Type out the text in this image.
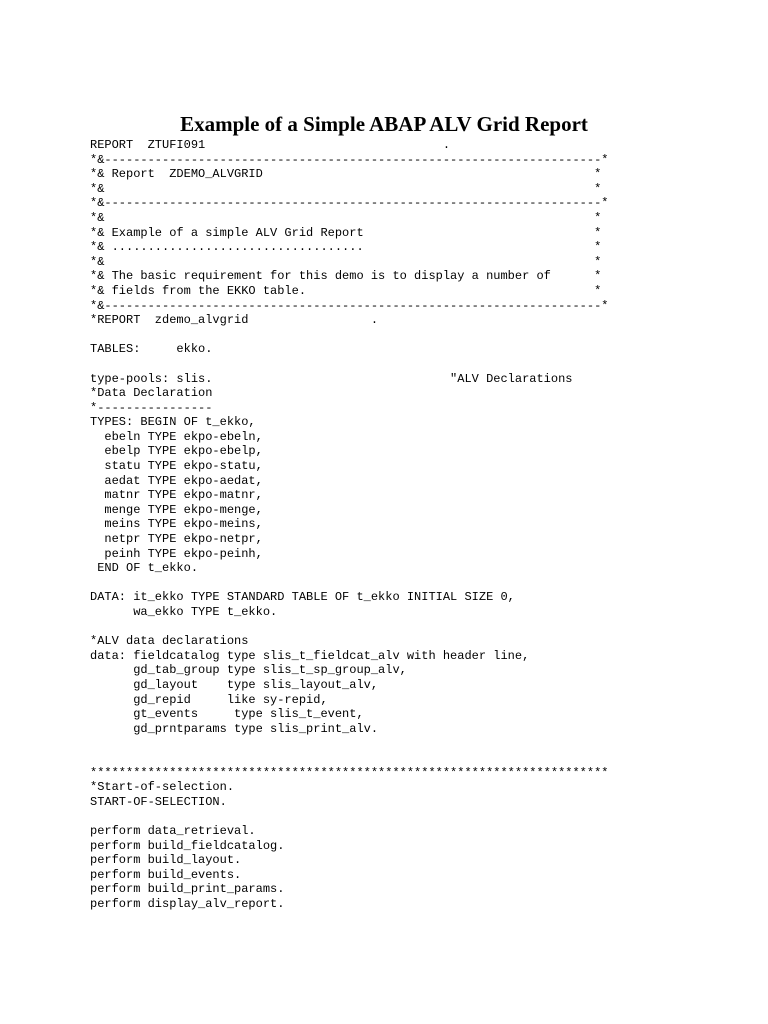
Example of a Simple ABAP ALV Grid Report
REPORT  ZTUFI091                                 .
*&---------------------------------------------------------------------*
*& Report  ZDEMO_ALVGRID                                              *
*&                                                                    *
*&---------------------------------------------------------------------*
*&                                                                    *
*& Example of a simple ALV Grid Report                                *
*& ...................................                                *
*&                                                                    *
*& The basic requirement for this demo is to display a number of      *
*& fields from the EKKO table.                                        *
*&---------------------------------------------------------------------*
*REPORT  zdemo_alvgrid                 .
TABLES:     ekko.
type-pools: slis.                                 "ALV Declarations
*Data Declaration
*----------------
TYPES: BEGIN OF t_ekko,
ebeln TYPE ekpo-ebeln,
ebelp TYPE ekpo-ebelp,
statu TYPE ekpo-statu,
aedat TYPE ekpo-aedat,
matnr TYPE ekpo-matnr,
menge TYPE ekpo-menge,
meins TYPE ekpo-meins,
netpr TYPE ekpo-netpr,
peinh TYPE ekpo-peinh,
END OF t_ekko.
DATA: it_ekko TYPE STANDARD TABLE OF t_ekko INITIAL SIZE 0,
wa_ekko TYPE t_ekko.
*ALV data declarations
data: fieldcatalog type slis_t_fieldcat_alv with header line,
gd_tab_group type slis_t_sp_group_alv,
gd_layout    type slis_layout_alv,
gd_repid     like sy-repid,
gt_events     type slis_t_event,
gd_prntparams type slis_print_alv.
************************************************************************
*Start-of-selection.
START-OF-SELECTION.
perform data_retrieval.
perform build_fieldcatalog.
perform build_layout.
perform build_events.
perform build_print_params.
perform display_alv_report.
